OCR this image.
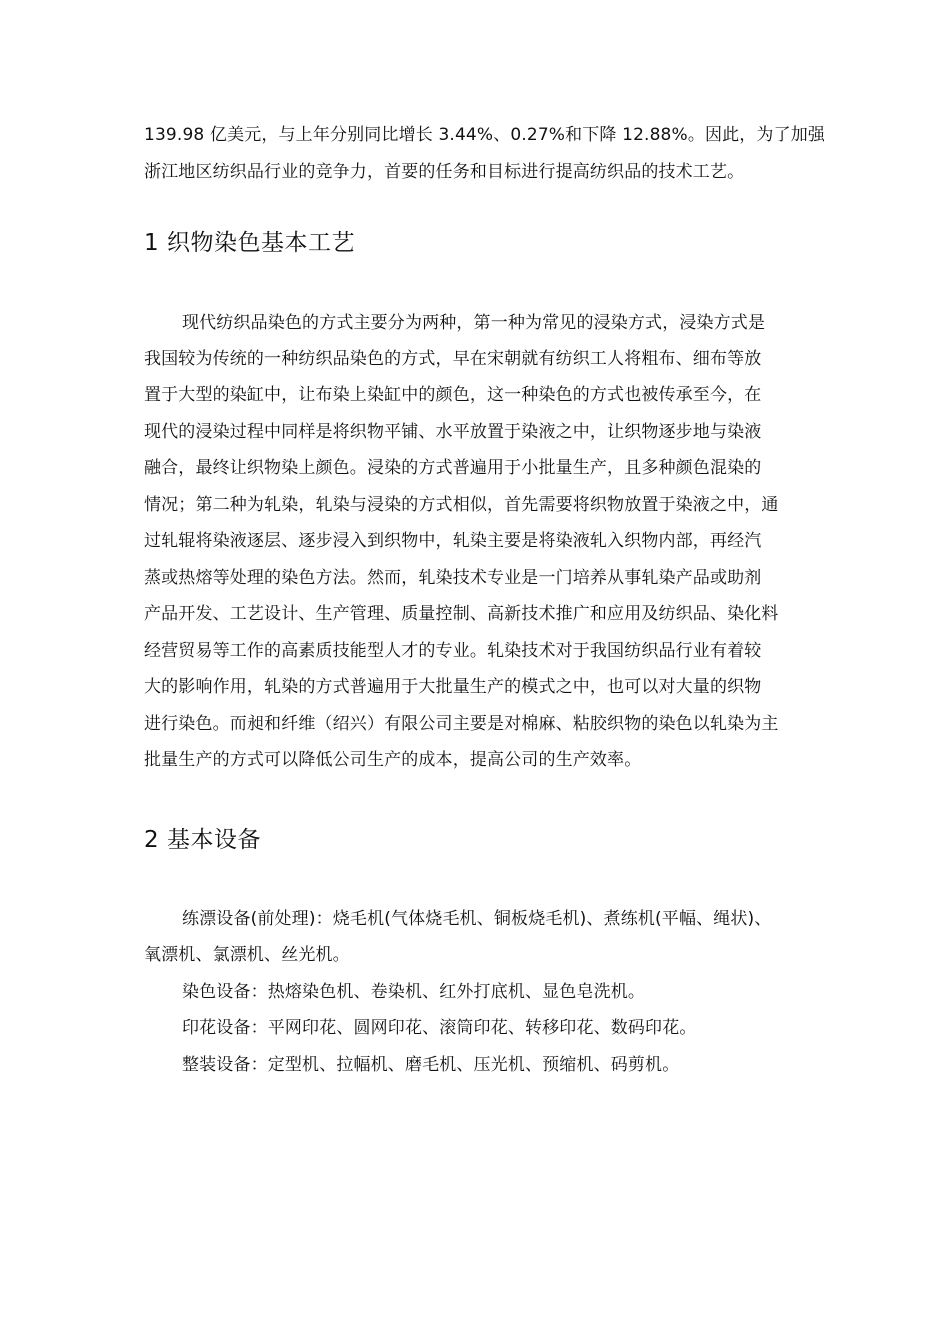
139.98 亿美元，与上年分别同比增长 3.44%、0.27%和下降 12.88%。因此，为了加强

浙江地区纺织品行业的竞争力，首要的任务和目标进行提高纺织品的技术工艺。

1 织物染色基本工艺

现代纺织品染色的方式主要分为两种，第一种为常见的浸染方式，浸染方式是

我国较为传统的一种纺织品染色的方式，早在宋朝就有纺织工人将粗布、细布等放

置于大型的染缸中，让布染上染缸中的颜色，这一种染色的方式也被传承至今，在

现代的浸染过程中同样是将织物平铺、水平放置于染液之中，让织物逐步地与染液

融合，最终让织物染上颜色。浸染的方式普遍用于小批量生产，且多种颜色混染的

情况；第二种为轧染，轧染与浸染的方式相似，首先需要将织物放置于染液之中，通

过轧辊将染液逐层、逐步浸入到织物中，轧染主要是将染液轧入织物内部，再经汽

蒸或热熔等处理的染色方法。然而，轧染技术专业是一门培养从事轧染产品或助剂

产品开发、工艺设计、生产管理、质量控制、高新技术推广和应用及纺织品、染化料

经营贸易等工作的高素质技能型人才的专业。轧染技术对于我国纺织品行业有着较

大的影响作用，轧染的方式普遍用于大批量生产的模式之中，也可以对大量的织物

进行染色。而昶和纤维（绍兴）有限公司主要是对棉麻、粘胶织物的染色以轧染为主

批量生产的方式可以降低公司生产的成本，提高公司的生产效率。

2 基本设备

练漂设备(前处理)：烧毛机(气体烧毛机、铜板烧毛机)、煮练机(平幅、绳状)、

氧漂机、氯漂机、丝光机。

染色设备：热熔染色机、卷染机、红外打底机、显色皂洗机。

印花设备：平网印花、圆网印花、滚筒印花、转移印花、数码印花。

整装设备：定型机、拉幅机、磨毛机、压光机、预缩机、码剪机。
